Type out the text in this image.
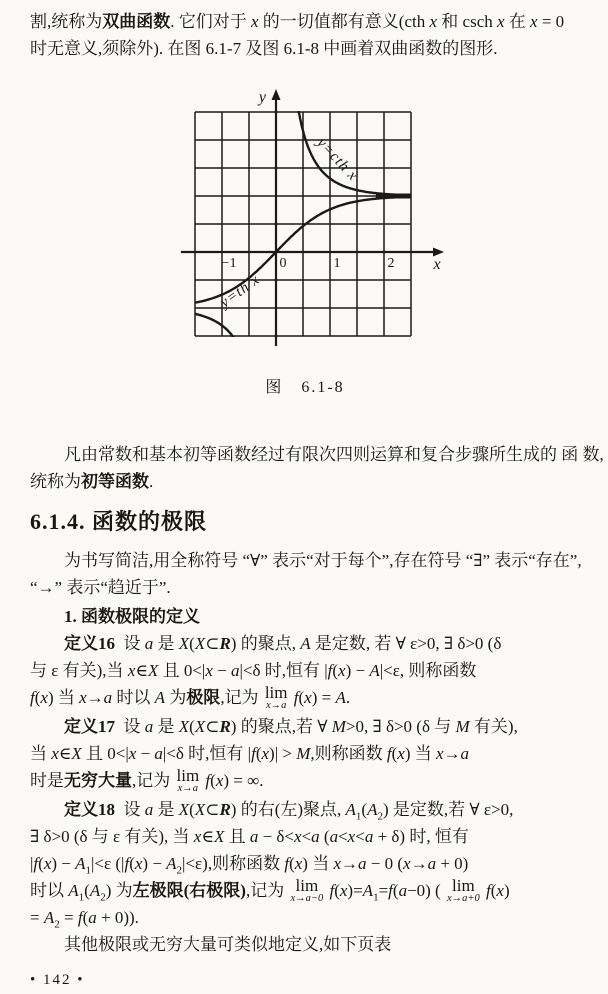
割,统称为双曲函数. 它们对于 x 的一切值都有意义(cth x 和 csch x 在 x = 0
时无意义,须除外). 在图 6.1-7 及图 6.1-8 中画着双曲函数的图形.
y
x
−1	0	1	2
y=th x
y=cth x
图　6.1-8
凡由常数和基本初等函数经过有限次四则运算和复合步骤所生成的 函 数,
统称为初等函数.
6.1.4. 函数的极限
为书写简洁,用全称符号 “∀” 表示“对于每个”,存在符号 “∃” 表示“存在”,
“→” 表示“趋近于”.
1. 函数极限的定义
定义16  设 a 是 X(X⊂R) 的聚点, A 是定数, 若 ∀ ε>0, ∃ δ>0 (δ
与 ε 有关),当 x∈X 且 0<|x − a|<δ 时,恒有 |f(x) − A|<ε, 则称函数
f(x) 当 x→a 时以 A 为极限,记为 lim
x→a f(x) = A.
定义17  设 a 是 X(X⊂R) 的聚点,若 ∀ M>0, ∃ δ>0 (δ 与 M 有关),
当 x∈X 且 0<|x − a|<δ 时,恒有 |f(x)| > M,则称函数 f(x) 当 x→a
时是无穷大量,记为 lim
x→a f(x) = ∞.
定义18  设 a 是 X(X⊂R) 的右(左)聚点, $A_1(A_2)$ 是定数,若 ∀ ε>0,
∃ δ>0 (δ 与 ε 有关), 当 x∈X 且 a − δ<x<a (a<x<a + δ) 时, 恒有
$|f(x) - A_1|<\varepsilon$ $(|f(x) - A_2|<\varepsilon)$,则称函数 f(x) 当 x→a − 0 (x→a + 0)
时以 $A_1(A_2)$ 为左极限(右极限),记为 lim
x→a−0 $f(x)=A_1=f(a-0)$ ( lim
x→a+0 f(x)
= $A_2 = f(a + 0)$).
其他极限或无穷大量可类似地定义,如下页表
• 142 •
